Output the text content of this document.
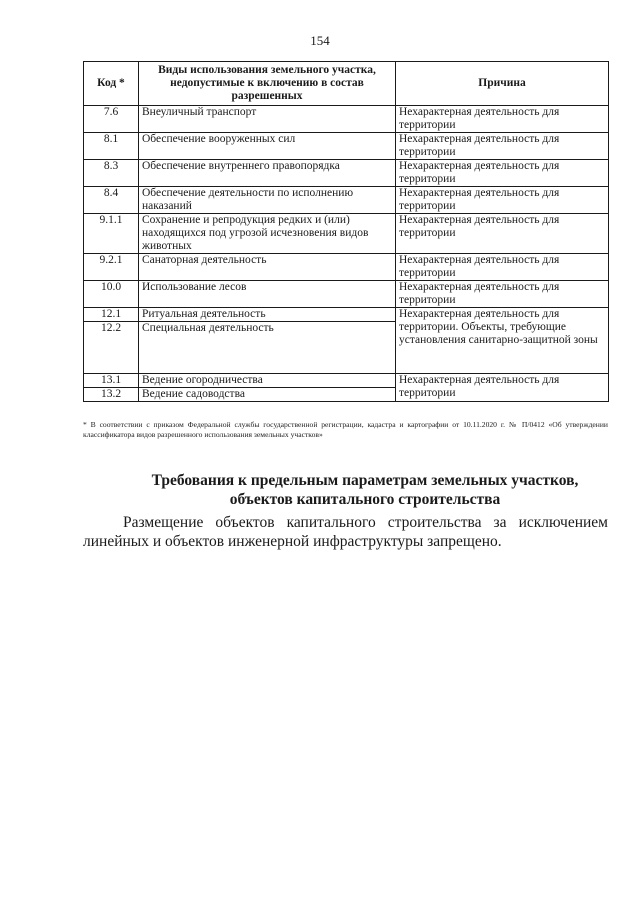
154
Код *	Виды использования земельного участка, недопустимые к включению в состав разрешенных	Причина
7.6	Внеуличный транспорт	Нехарактерная деятельность для территории
8.1	Обеспечение вооруженных сил	Нехарактерная деятельность для территории
8.3	Обеспечение внутреннего правопорядка	Нехарактерная деятельность для территории
8.4	Обеспечение деятельности по исполнению наказаний	Нехарактерная деятельность для территории
9.1.1	Сохранение и репродукция редких и (или) находящихся под угрозой исчезновения видов животных	Нехарактерная деятельность для территории
9.2.1	Санаторная деятельность	Нехарактерная деятельность для территории
10.0	Использование лесов	Нехарактерная деятельность для территории
12.1	Ритуальная деятельность	Нехарактерная деятельность для территории. Объекты, требующие установления санитарно-защитной зоны
12.2	Специальная деятельность	
13.1	Ведение огородничества	Нехарактерная деятельность для территории
13.2	Ведение садоводства	
* В соответствии с приказом Федеральной службы государственной регистрации, кадастра и картографии от 10.11.2020 г. № П/0412 «Об утверждении классификатора видов разрешенного использования земельных участков»
Требования к предельным параметрам земельных участков, объектов капитального строительства
Размещение объектов капитального строительства за исключением линейных и объектов инженерной инфраструктуры запрещено.
